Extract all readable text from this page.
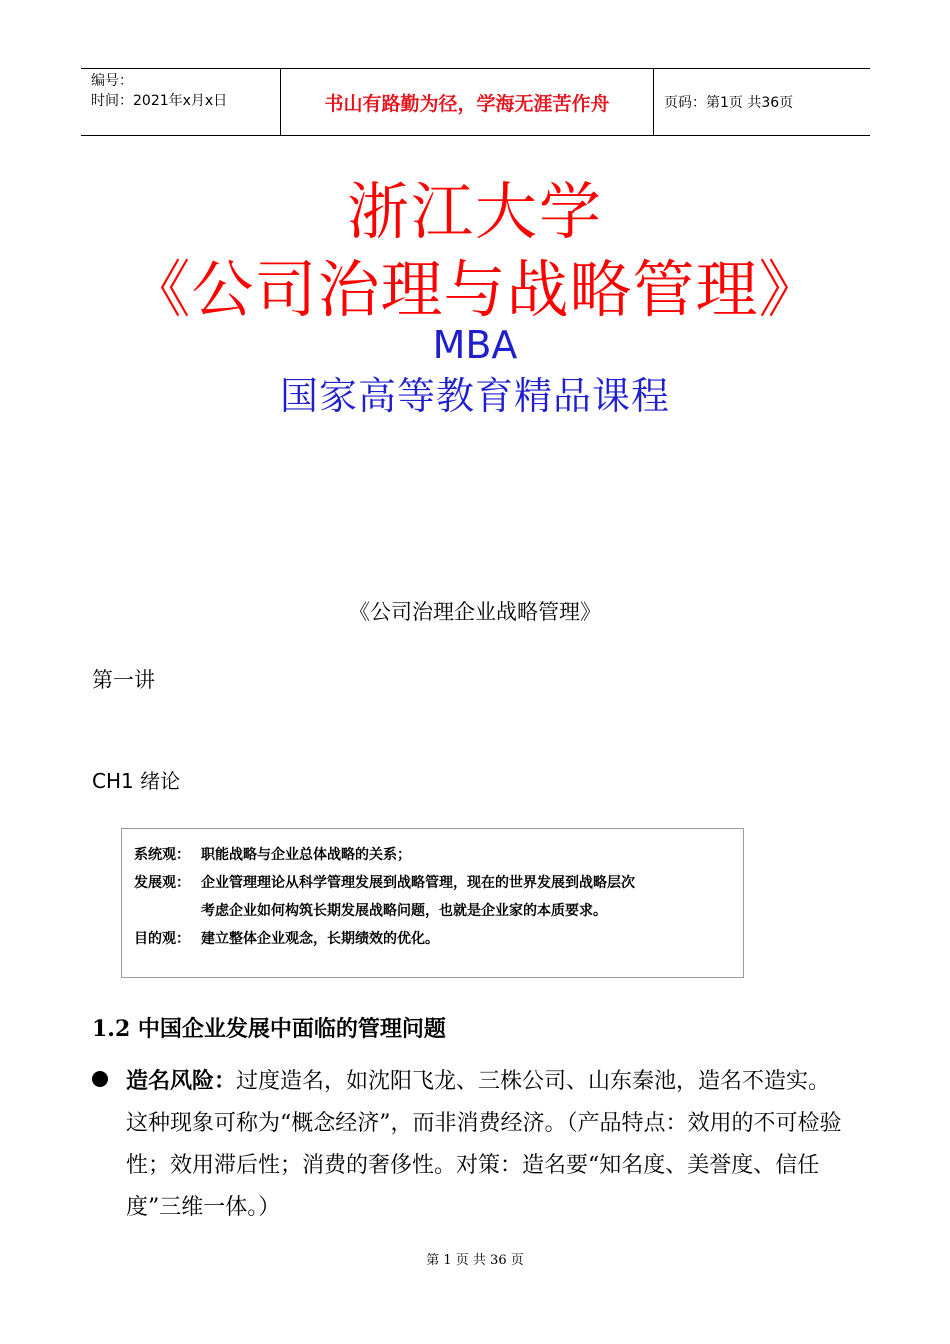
编号：
时间：2021年x月x日	书山有路勤为径，学海无涯苦作舟	页码：第1页 共36页
浙江大学
《公司治理与战略管理》
MBA
国家高等教育精品课程
《公司治理企业战略管理》
第一讲
CH1 绪论
系统观： 职能战略与企业总体战略的关系；
发展观： 企业管理理论从科学管理发展到战略管理，现在的世界发展到战略层次
考虑企业如何构筑长期发展战略问题，也就是企业家的本质要求。
目的观： 建立整体企业观念，长期绩效的优化。
1.2 中国企业发展中面临的管理问题
造名风险：过度造名，如沈阳飞龙、三株公司、山东秦池，造名不造实。这种现象可称为“概念经济”，而非消费经济。（产品特点：效用的不可检验性；效用滞后性；消费的奢侈性。对策：造名要“知名度、美誉度、信任度”三维一体。）
第 1 页 共 36 页
